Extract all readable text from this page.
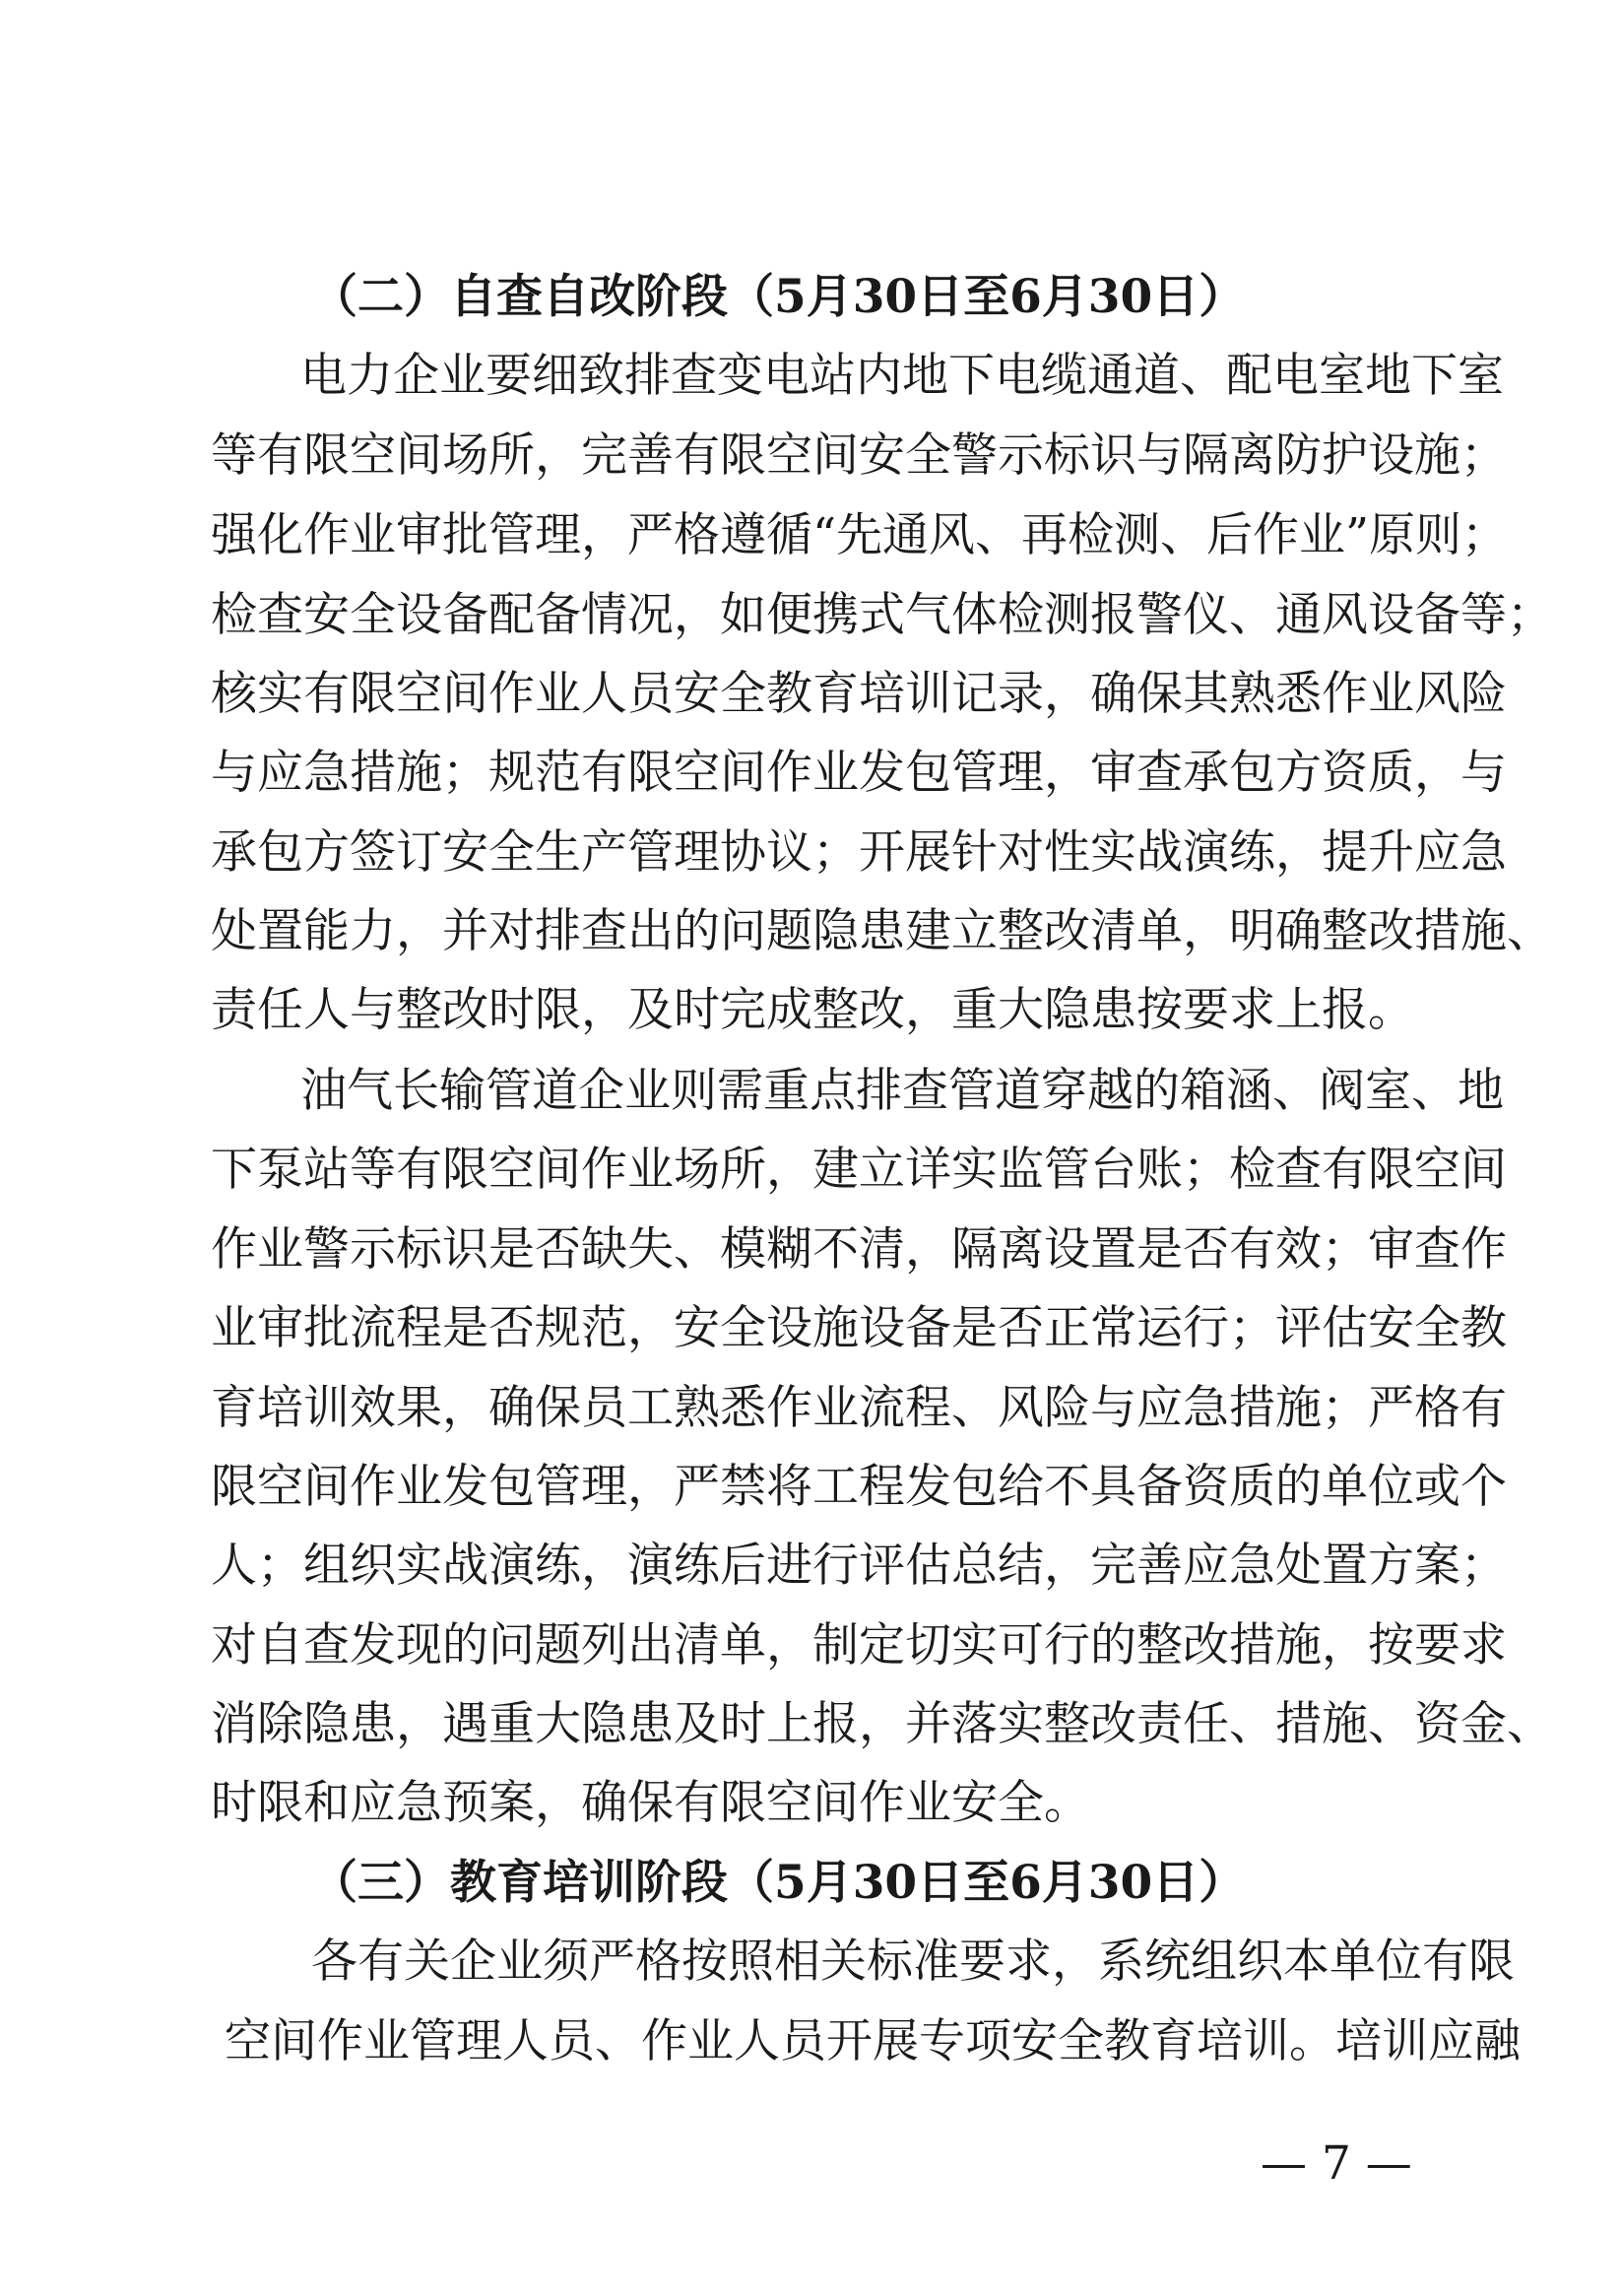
（二）自查自改阶段（5月30日至6月30日）
电力企业要细致排查变电站内地下电缆通道、配电室地下室
等有限空间场所，完善有限空间安全警示标识与隔离防护设施；
强化作业审批管理，严格遵循“先通风、再检测、后作业”原则；
检查安全设备配备情况，如便携式气体检测报警仪、通风设备等；
核实有限空间作业人员安全教育培训记录，确保其熟悉作业风险
与应急措施；规范有限空间作业发包管理，审查承包方资质，与
承包方签订安全生产管理协议；开展针对性实战演练，提升应急
处置能力，并对排查出的问题隐患建立整改清单，明确整改措施、
责任人与整改时限，及时完成整改，重大隐患按要求上报。
油气长输管道企业则需重点排查管道穿越的箱涵、阀室、地
下泵站等有限空间作业场所，建立详实监管台账；检查有限空间
作业警示标识是否缺失、模糊不清，隔离设置是否有效；审查作
业审批流程是否规范，安全设施设备是否正常运行；评估安全教
育培训效果，确保员工熟悉作业流程、风险与应急措施；严格有
限空间作业发包管理，严禁将工程发包给不具备资质的单位或个
人；组织实战演练，演练后进行评估总结，完善应急处置方案；
对自查发现的问题列出清单，制定切实可行的整改措施，按要求
消除隐患，遇重大隐患及时上报，并落实整改责任、措施、资金、
时限和应急预案，确保有限空间作业安全。
（三）教育培训阶段（5月30日至6月30日）
各有关企业须严格按照相关标准要求，系统组织本单位有限
空间作业管理人员、作业人员开展专项安全教育培训。培训应融
— 7 —
